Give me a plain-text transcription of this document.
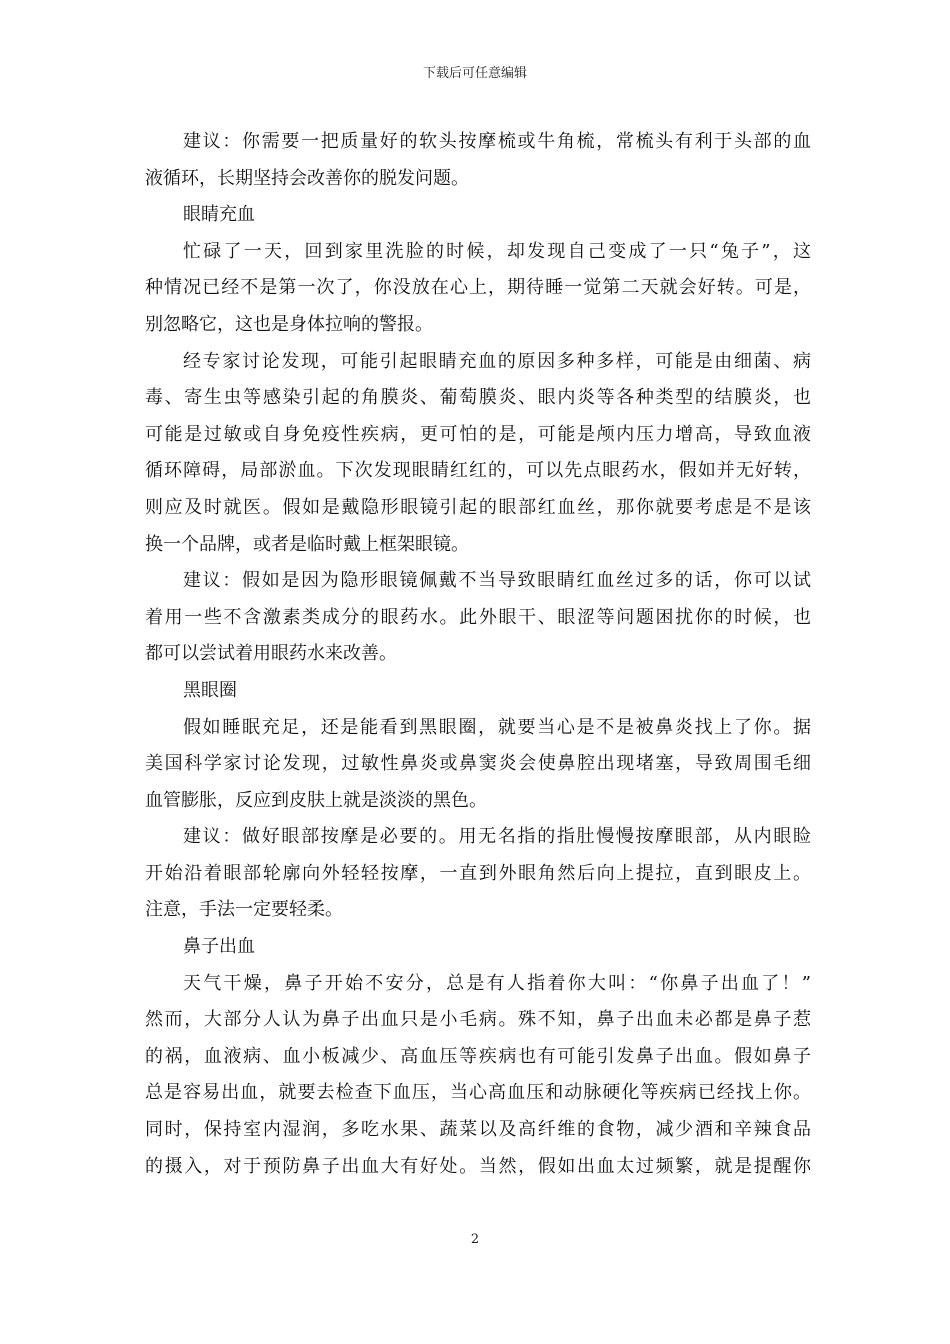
下载后可任意编辑
建议：你需要一把质量好的软头按摩梳或牛角梳，常梳头有利于头部的血
液循环，长期坚持会改善你的脱发问题。
眼睛充血
忙碌了一天，回到家里洗脸的时候，却发现自己变成了一只“兔子”，这
种情况已经不是第一次了，你没放在心上，期待睡一觉第二天就会好转。可是，
别忽略它，这也是身体拉响的警报。
经专家讨论发现，可能引起眼睛充血的原因多种多样，可能是由细菌、病
毒、寄生虫等感染引起的角膜炎、葡萄膜炎、眼内炎等各种类型的结膜炎，也
可能是过敏或自身免疫性疾病，更可怕的是，可能是颅内压力增高，导致血液
循环障碍，局部淤血。下次发现眼睛红红的，可以先点眼药水，假如并无好转，
则应及时就医。假如是戴隐形眼镜引起的眼部红血丝，那你就要考虑是不是该
换一个品牌，或者是临时戴上框架眼镜。
建议：假如是因为隐形眼镜佩戴不当导致眼睛红血丝过多的话，你可以试
着用一些不含激素类成分的眼药水。此外眼干、眼涩等问题困扰你的时候，也
都可以尝试着用眼药水来改善。
黑眼圈
假如睡眠充足，还是能看到黑眼圈，就要当心是不是被鼻炎找上了你。据
美国科学家讨论发现，过敏性鼻炎或鼻窦炎会使鼻腔出现堵塞，导致周围毛细
血管膨胀，反应到皮肤上就是淡淡的黑色。
建议：做好眼部按摩是必要的。用无名指的指肚慢慢按摩眼部，从内眼睑
开始沿着眼部轮廓向外轻轻按摩，一直到外眼角然后向上提拉，直到眼皮上。
注意，手法一定要轻柔。
鼻子出血
天气干燥，鼻子开始不安分，总是有人指着你大叫：“你鼻子出血了！”
然而，大部分人认为鼻子出血只是小毛病。殊不知，鼻子出血未必都是鼻子惹
的祸，血液病、血小板减少、高血压等疾病也有可能引发鼻子出血。假如鼻子
总是容易出血，就要去检查下血压，当心高血压和动脉硬化等疾病已经找上你。
同时，保持室内湿润，多吃水果、蔬菜以及高纤维的食物，减少酒和辛辣食品
的摄入，对于预防鼻子出血大有好处。当然，假如出血太过频繁，就是提醒你
2
